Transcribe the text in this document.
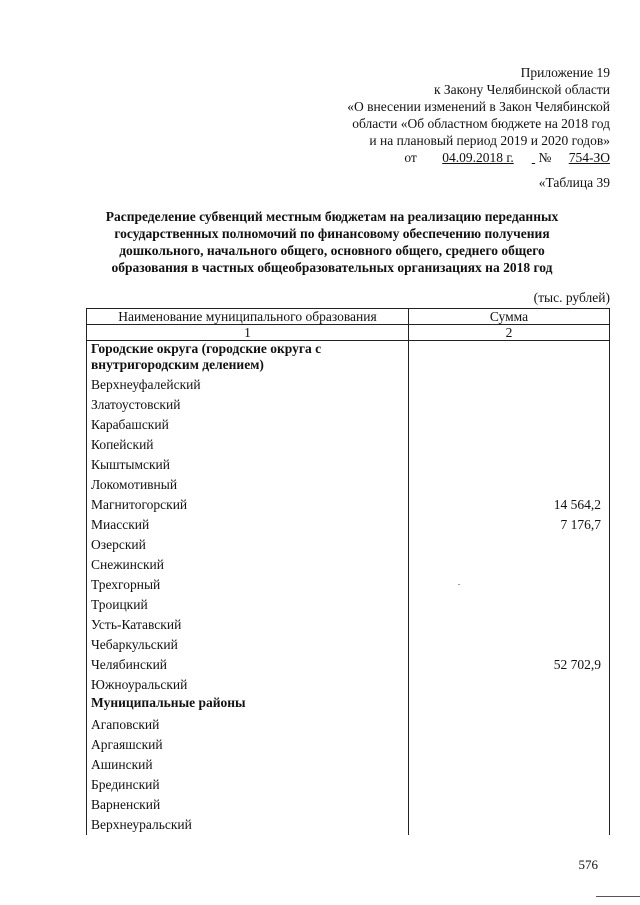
Приложение 19
к Закону Челябинской области
«О внесении изменений в Закон Челябинской
области «Об областном бюджете на 2018 год
и на плановый период 2019 и 2020 годов»
от 04.09.2018 г. № 754-ЗО
«Таблица 39
Распределение субвенций местным бюджетам на реализацию переданных государственных полномочий по финансовому обеспечению получения дошкольного, начального общего, основного общего, среднего общего образования в частных общеобразовательных организациях на 2018 год
(тыс. рублей)
Наименование муниципального образования	Сумма
1	2
Городские округа (городские округа с внутригородским делением)	
Верхнеуфалейский	
Златоустовский	
Карабашский	
Копейский	
Кыштымский	
Локомотивный	
Магнитогорский	14 564,2
Миасский	7 176,7
Озерский	
Снежинский	
Трехгорный	
Троицкий	
Усть-Катавский	
Чебаркульский	
Челябинский	52 702,9
Южноуральский	
Муниципальные районы	
Агаповский	
Аргаяшский	
Ашинский	
Брединский	
Варненский	
Верхнеуральский	
576
